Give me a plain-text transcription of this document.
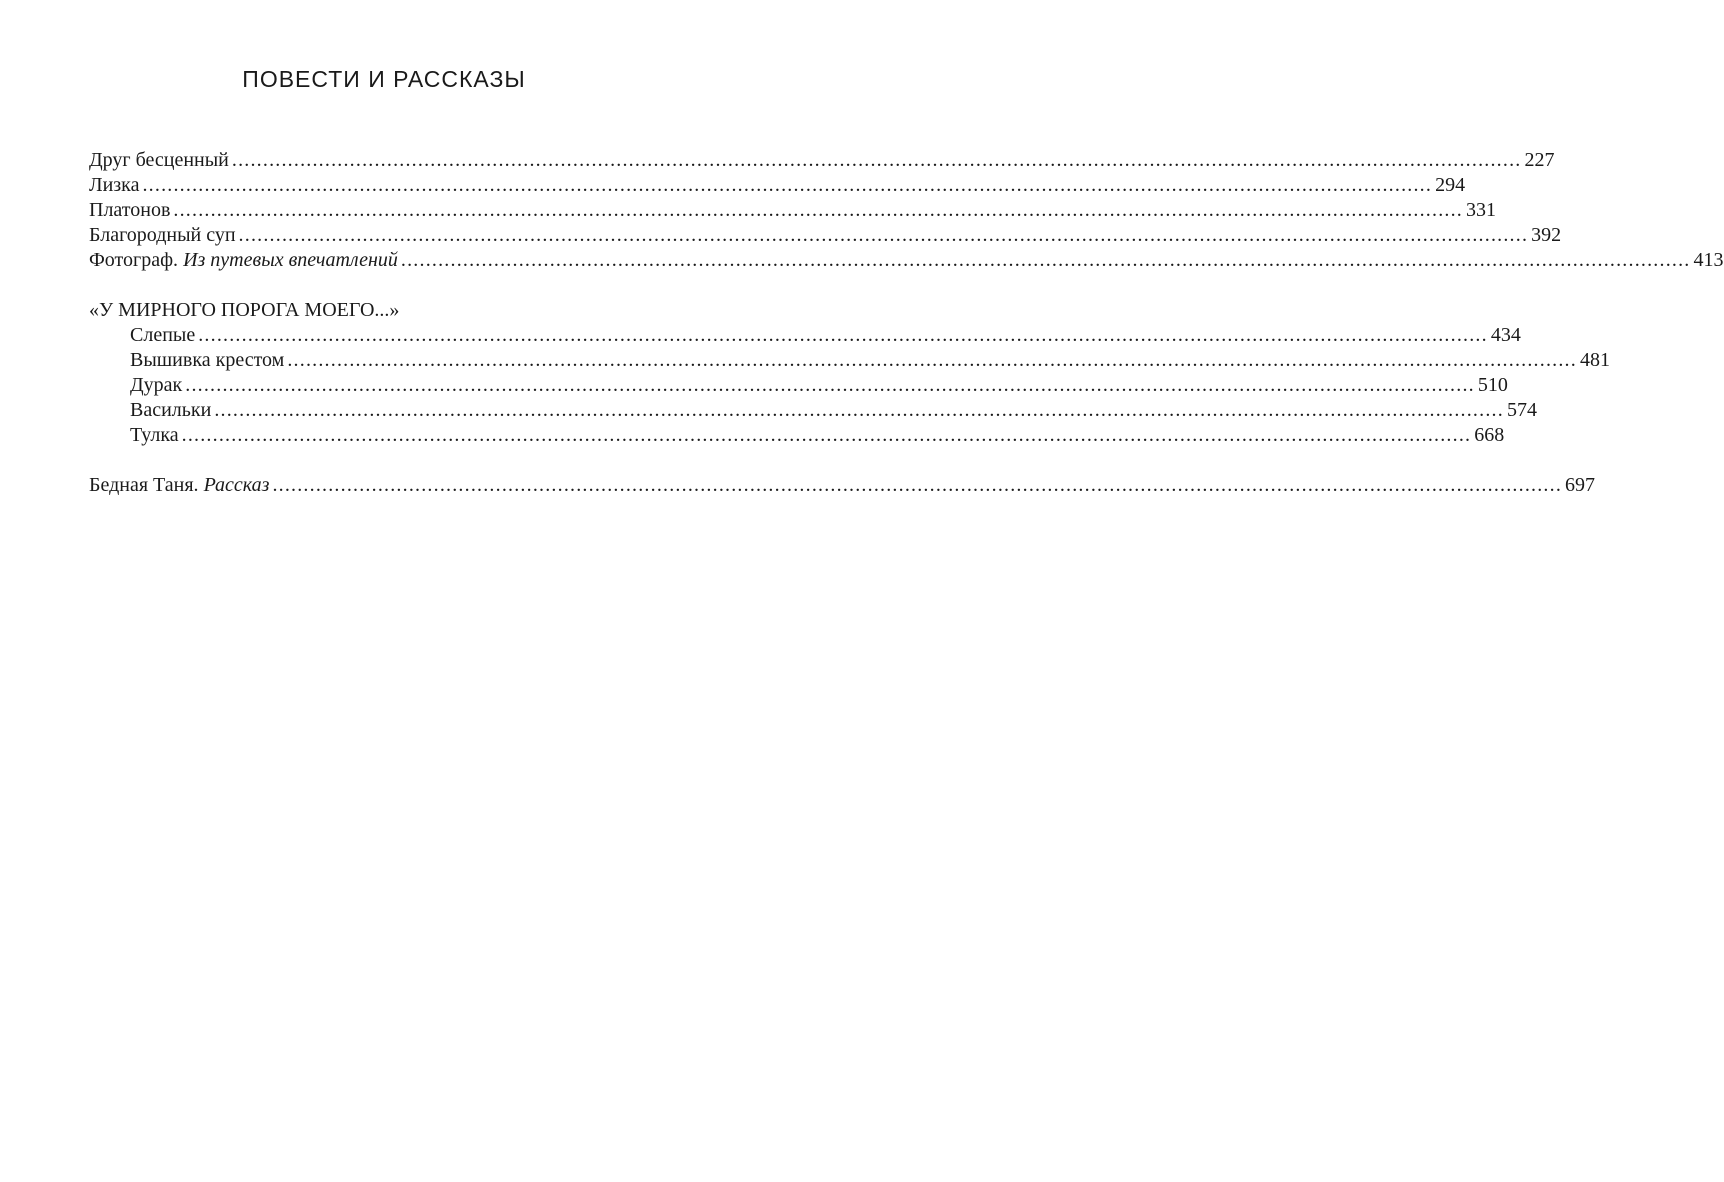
ПОВЕСТИ И РАССКАЗЫ
Друг бесценный ................................................................................................................................................................................................................ 227
Лизка ................................................................................................................................................................................................................ 294
Платонов ................................................................................................................................................................................................................ 331
Благородный суп ................................................................................................................................................................................................................ 392
Фотограф. Из путевых впечатлений ................................................................................................................................................................................................................ 413
«У МИРНОГО ПОРОГА МОЕГО...»
Слепые ................................................................................................................................................................................................................ 434
Вышивка крестом ................................................................................................................................................................................................................ 481
Дурак ................................................................................................................................................................................................................ 510
Васильки ................................................................................................................................................................................................................ 574
Тулка ................................................................................................................................................................................................................ 668
Бедная Таня. Рассказ ................................................................................................................................................................................................................ 697
